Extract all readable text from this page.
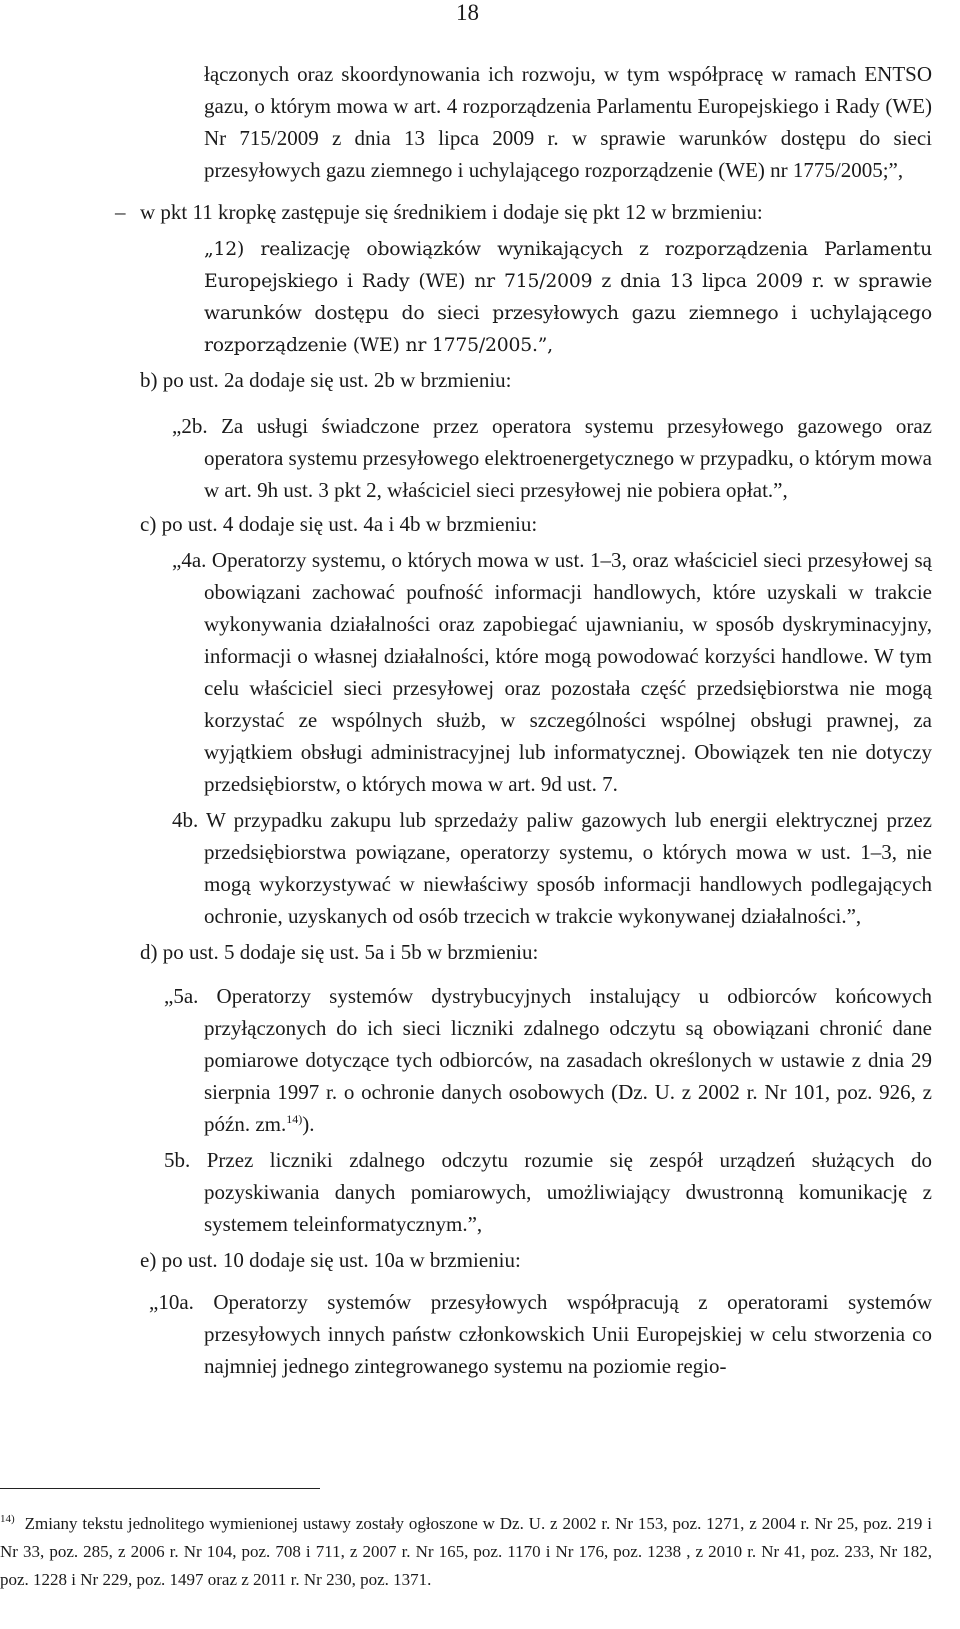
18

łączonych oraz skoordynowania ich rozwoju, w tym współpracę w ramach ENTSO gazu, o którym mowa w art. 4 rozporządzenia Parlamentu Europejskiego i Rady (WE) Nr 715/2009 z dnia 13 lipca 2009 r. w sprawie warunków dostępu do sieci przesyłowych gazu ziemnego i uchylającego rozporządzenie (WE) nr 1775/2005;”,

– w pkt 11 kropkę zastępuje się średnikiem i dodaje się pkt 12 w brzmieniu:

„12) realizację obowiązków wynikających z rozporządzenia Parlamentu Europejskiego i Rady (WE) nr 715/2009 z dnia 13 lipca 2009 r. w sprawie warunków dostępu do sieci przesyłowych gazu ziemnego i uchylającego rozporządzenie (WE) nr 1775/2005.”,

b) po ust. 2a dodaje się ust. 2b w brzmieniu:

„2b. Za usługi świadczone przez operatora systemu przesyłowego gazowego oraz operatora systemu przesyłowego elektroenergetycznego w przypadku, o którym mowa w art. 9h ust. 3 pkt 2, właściciel sieci przesyłowej nie pobiera opłat.”,

c) po ust. 4 dodaje się ust. 4a i 4b w brzmieniu:

„4a. Operatorzy systemu, o których mowa w ust. 1–3, oraz właściciel sieci przesyłowej są obowiązani zachować poufność informacji handlowych, które uzyskali w trakcie wykonywania działalności oraz zapobiegać ujawnianiu, w sposób dyskryminacyjny, informacji o własnej działalności, które mogą powodować korzyści handlowe. W tym celu właściciel sieci przesyłowej oraz pozostała część przedsiębiorstwa nie mogą korzystać ze wspólnych służb, w szczególności wspólnej obsługi prawnej, za wyjątkiem obsługi administracyjnej lub informatycznej. Obowiązek ten nie dotyczy przedsiębiorstw, o których mowa w art. 9d ust. 7.

4b. W przypadku zakupu lub sprzedaży paliw gazowych lub energii elektrycznej przez przedsiębiorstwa powiązane, operatorzy systemu, o których mowa w ust. 1–3, nie mogą wykorzystywać w niewłaściwy sposób informacji handlowych podlegających ochronie, uzyskanych od osób trzecich w trakcie wykonywanej działalności.”,

d) po ust. 5 dodaje się ust. 5a i 5b w brzmieniu:

„5a. Operatorzy systemów dystrybucyjnych instalujący u odbiorców końcowych przyłączonych do ich sieci liczniki zdalnego odczytu są obowiązani chronić dane pomiarowe dotyczące tych odbiorców, na zasadach określonych w ustawie z dnia 29 sierpnia 1997 r. o ochronie danych osobowych (Dz. U. z 2002 r. Nr 101, poz. 926, z późn. zm.$^{14)}$).

5b. Przez liczniki zdalnego odczytu rozumie się zespół urządzeń służących do pozyskiwania danych pomiarowych, umożliwiający dwustronną komunikację z systemem teleinformatycznym.”,

e) po ust. 10 dodaje się ust. 10a w brzmieniu:

„10a. Operatorzy systemów przesyłowych współpracują z operatorami systemów przesyłowych innych państw członkowskich Unii Europejskiej w celu stworzenia co najmniej jednego zintegrowanego systemu na poziomie regio-

$^{14)}$ Zmiany tekstu jednolitego wymienionej ustawy zostały ogłoszone w Dz. U. z 2002 r. Nr 153, poz. 1271, z 2004 r. Nr 25, poz. 219 i Nr 33, poz. 285, z 2006 r. Nr 104, poz. 708 i 711, z 2007 r. Nr 165, poz. 1170 i Nr 176, poz. 1238 , z 2010 r. Nr 41, poz. 233, Nr 182, poz. 1228 i Nr 229, poz. 1497 oraz z 2011 r. Nr 230, poz. 1371.
